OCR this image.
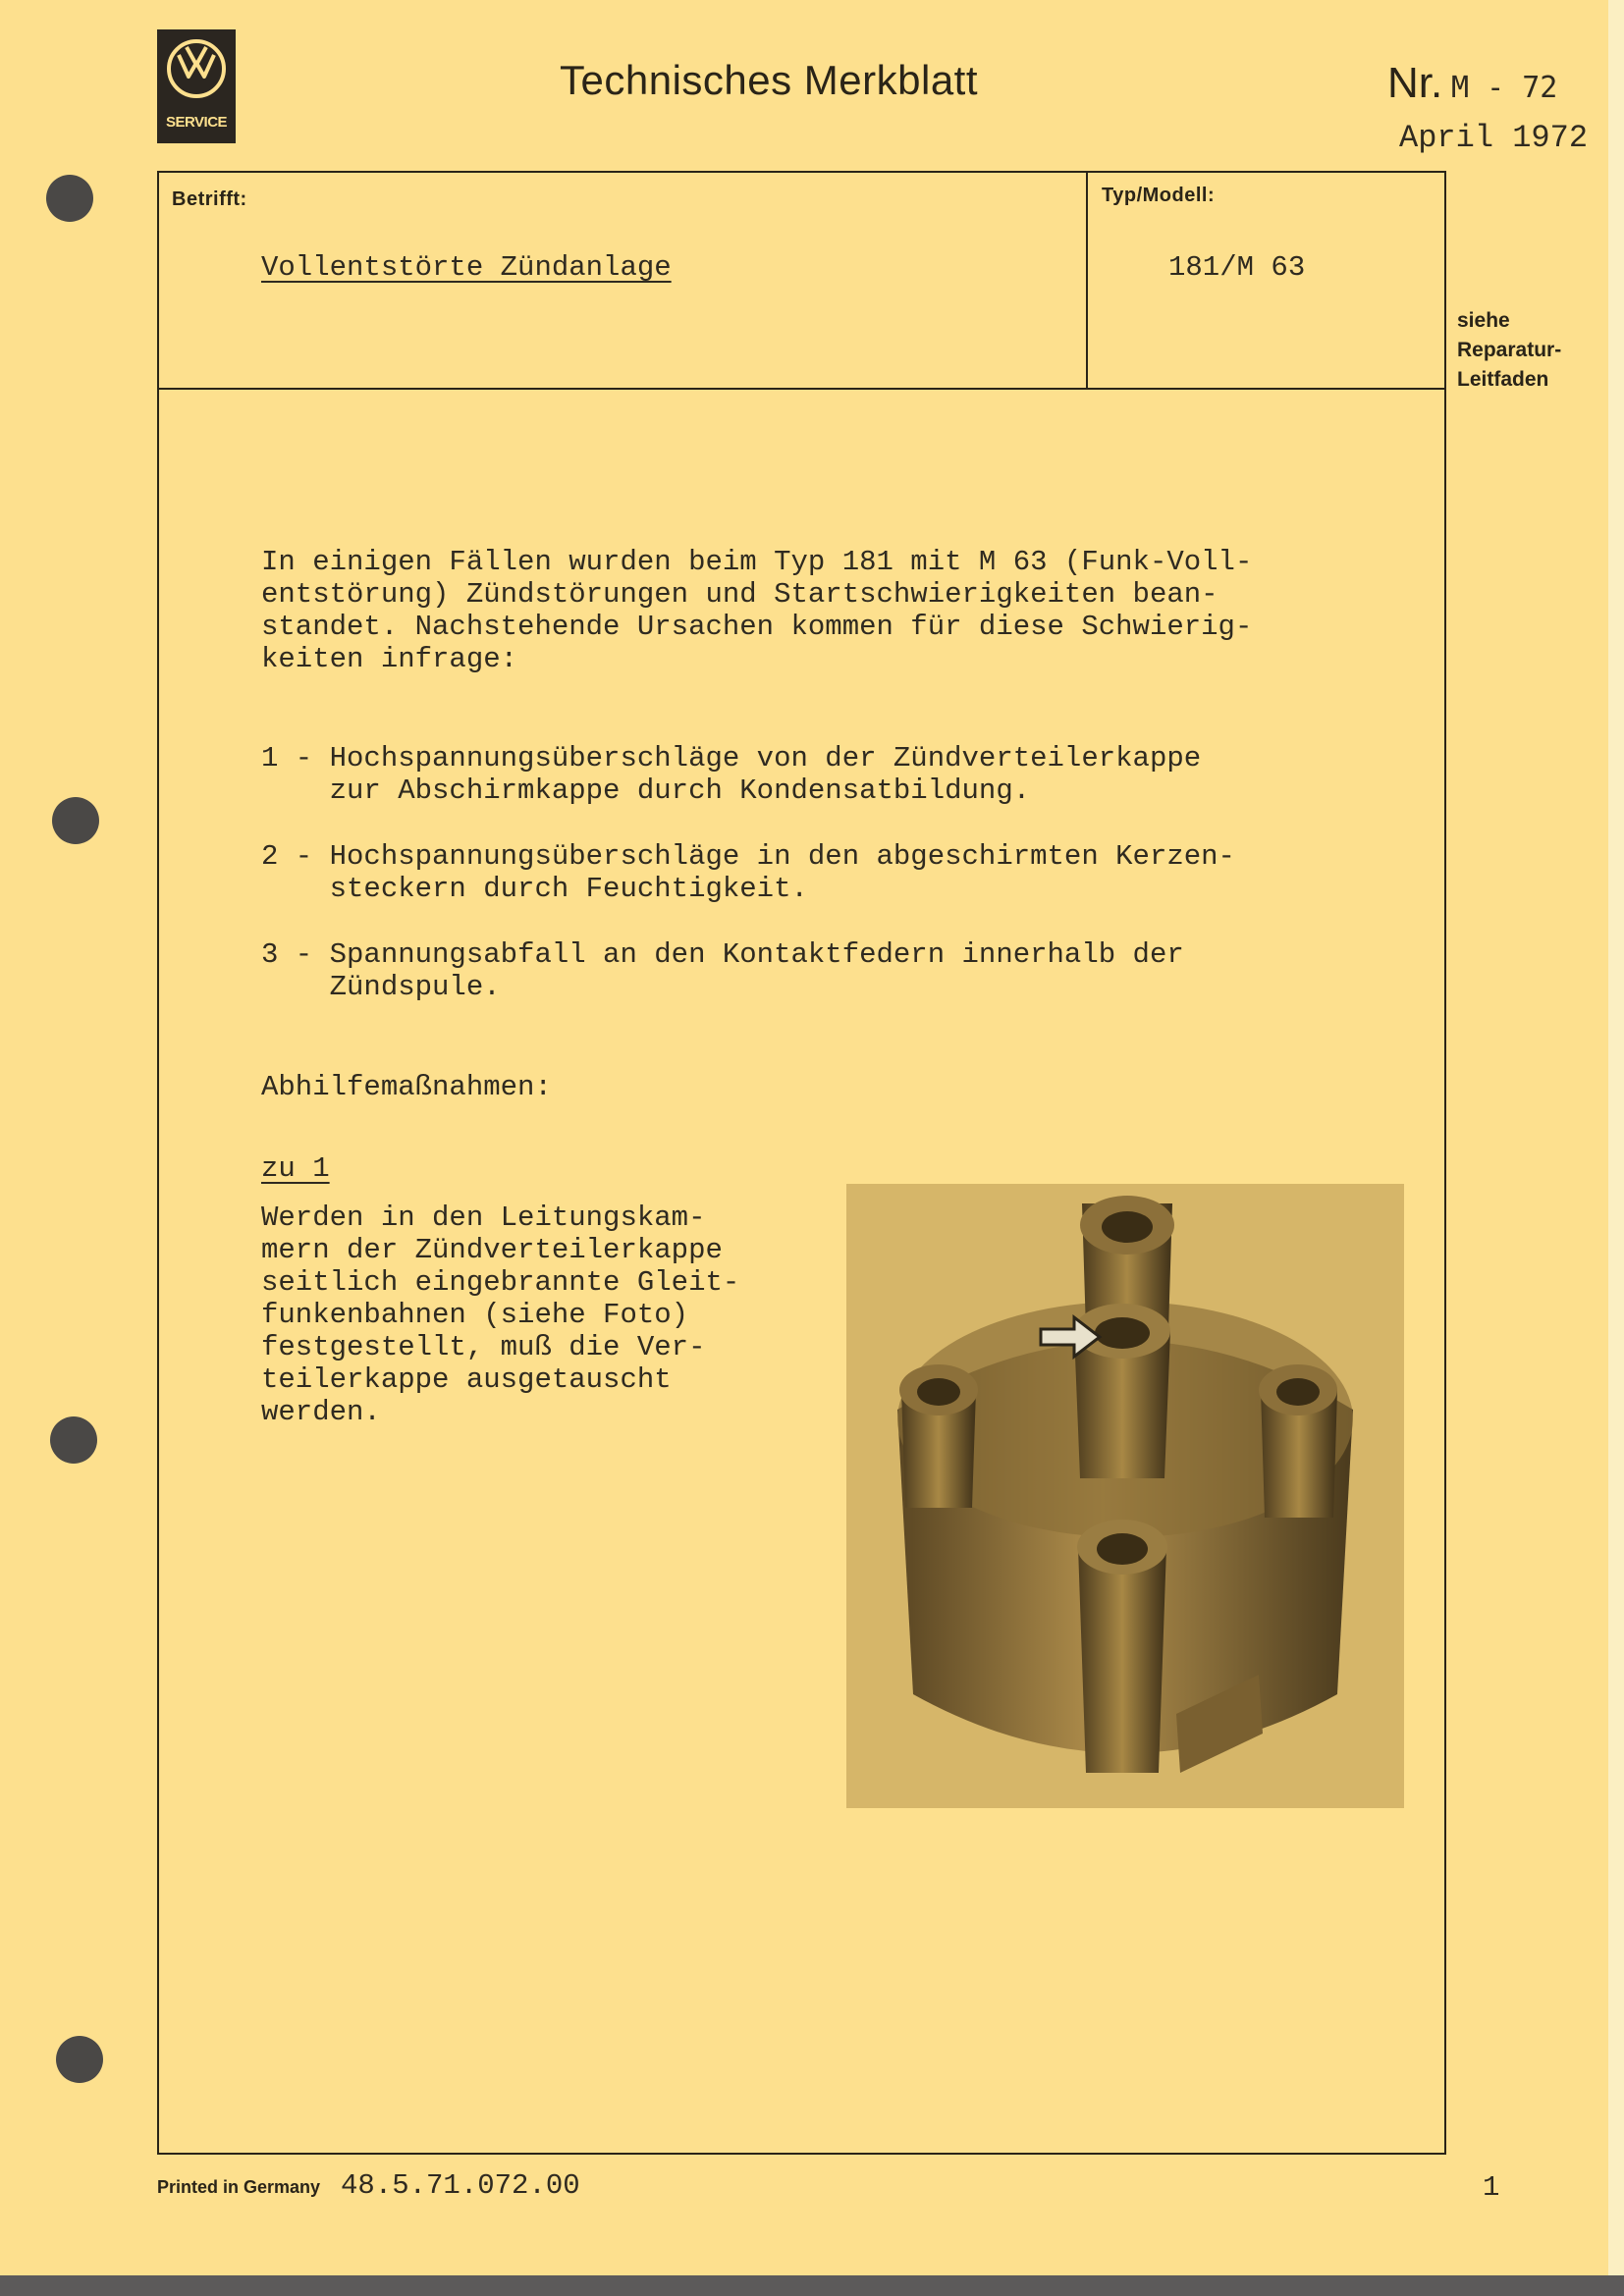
SERVICE
Technisches Merkblatt	Nr. M - 72
April 1972
Betrifft:
Vollentstörte Zündanlage
Typ/Modell:
181/M 63
siehe
Reparatur-
Leitfaden
In einigen Fällen wurden beim Typ 181 mit M 63 (Funk-Voll-
entstörung) Zündstörungen und Startschwierigkeiten bean-
standet. Nachstehende Ursachen kommen für diese Schwierig-
keiten infrage:
1 - Hochspannungsüberschläge von der Zündverteilerkappe
zur Abschirmkappe durch Kondensatbildung.
2 - Hochspannungsüberschläge in den abgeschirmten Kerzen-
steckern durch Feuchtigkeit.
3 - Spannungsabfall an den Kontaktfedern innerhalb der
Zündspule.
Abhilfemaßnahmen:
zu 1
Werden in den Leitungskam-
mern der Zündverteilerkappe
seitlich eingebrannte Gleit-
funkenbahnen (siehe Foto)
festgestellt, muß die Ver-
teilerkappe ausgetauscht
werden.
Printed in Germany 48.5.71.072.00	1
